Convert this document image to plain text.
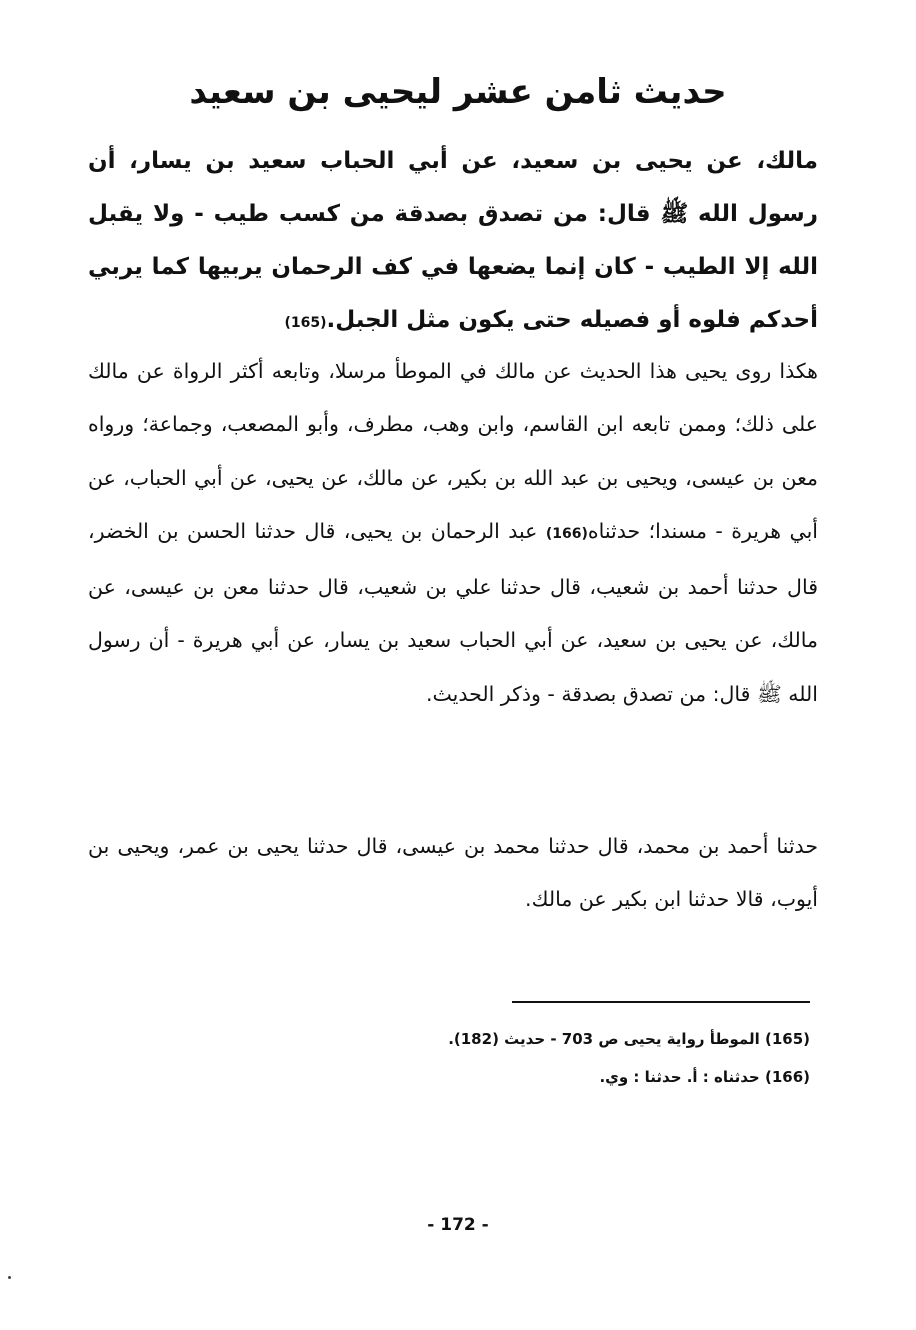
حديث ثامن عشر ليحيى بن سعيد

مالك، عن يحيى بن سعيد، عن أبي الحباب سعيد بن يسار، أن رسول الله ﷺ قال: من تصدق بصدقة من كسب طيب - ولا يقبل الله إلا الطيب - كان إنما يضعها في كف الرحمان يربيها كما يربي أحدكم فلوه أو فصيله حتى يكون مثل الجبل.(165)

هكذا روى يحيى هذا الحديث عن مالك في الموطأ مرسلا، وتابعه أكثر الرواة عن مالك على ذلك؛ وممن تابعه ابن القاسم، وابن وهب، مطرف، وأبو المصعب، وجماعة؛ ورواه معن بن عيسى، ويحيى بن عبد الله بن بكير، عن مالك، عن يحيى، عن أبي الحباب، عن أبي هريرة - مسندا؛ حدثناه(166) عبد الرحمان بن يحيى، قال حدثنا الحسن بن الخضر، قال حدثنا أحمد بن شعيب، قال حدثنا علي بن شعيب، قال حدثنا معن بن عيسى، عن مالك، عن يحيى بن سعيد، عن أبي الحباب سعيد بن يسار، عن أبي هريرة - أن رسول الله ﷺ قال: من تصدق بصدقة - وذكر الحديث.

حدثنا أحمد بن محمد، قال حدثنا محمد بن عيسى، قال حدثنا يحيى بن عمر، ويحيى بن أيوب، قالا حدثنا ابن بكير عن مالك.

(165) الموطأ رواية يحيى ص 703 - حديث (182).
(166) حدثناه : أ. حدثنا : وي.
- 172 -
